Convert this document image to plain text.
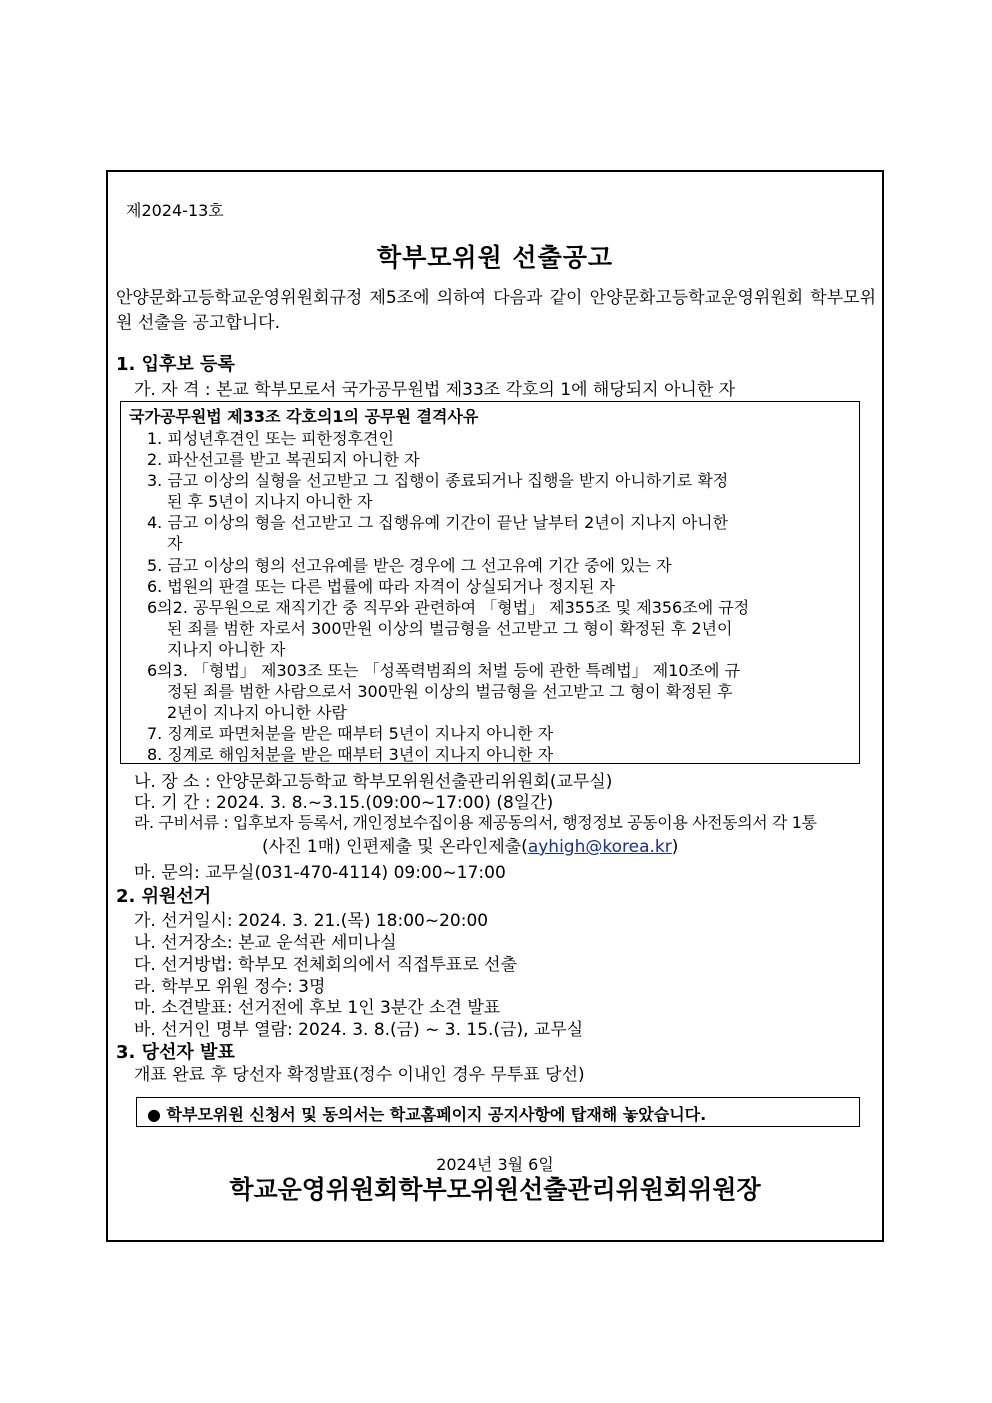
제2024-13호
학부모위원 선출공고
안양문화고등학교운영위원회규정 제5조에 의하여 다음과 같이 안양문화고등학교운영위원회 학부모위원 선출을 공고합니다.
1. 입후보 등록
가. 자 격 : 본교 학부모로서 국가공무원법 제33조 각호의 1에 해당되지 아니한 자
국가공무원법 제33조 각호의1의 공무원 결격사유
1. 피성년후견인 또는 피한정후견인
2. 파산선고를 받고 복권되지 아니한 자
3. 금고 이상의 실형을 선고받고 그 집행이 종료되거나 집행을 받지 아니하기로 확정
된 후 5년이 지나지 아니한 자
4. 금고 이상의 형을 선고받고 그 집행유예 기간이 끝난 날부터 2년이 지나지 아니한
자
5. 금고 이상의 형의 선고유예를 받은 경우에 그 선고유예 기간 중에 있는 자
6. 법원의 판결 또는 다른 법률에 따라 자격이 상실되거나 정지된 자
6의2. 공무원으로 재직기간 중 직무와 관련하여 「형법」 제355조 및 제356조에 규정
된 죄를 범한 자로서 300만원 이상의 벌금형을 선고받고 그 형이 확정된 후 2년이
지나지 아니한 자
6의3. 「형법」 제303조 또는 「성폭력범죄의 처벌 등에 관한 특례법」 제10조에 규
정된 죄를 범한 사람으로서 300만원 이상의 벌금형을 선고받고 그 형이 확정된 후
2년이 지나지 아니한 사람
7. 징계로 파면처분을 받은 때부터 5년이 지나지 아니한 자
8. 징계로 해임처분을 받은 때부터 3년이 지나지 아니한 자
나. 장 소 : 안양문화고등학교 학부모위원선출관리위원회(교무실)
다. 기 간 : 2024. 3. 8.~3.15.(09:00~17:00) (8일간)
라. 구비서류 : 입후보자 등록서, 개인정보수집이용 제공동의서, 행정정보 공동이용 사전동의서 각 1통
(사진 1매) 인편제출 및 온라인제출(ayhigh@korea.kr)
마. 문의: 교무실(031-470-4114) 09:00~17:00
2. 위원선거
가. 선거일시: 2024. 3. 21.(목) 18:00~20:00
나. 선거장소: 본교 운석관 세미나실
다. 선거방법: 학부모 전체회의에서 직접투표로 선출
라. 학부모 위원 정수: 3명
마. 소견발표: 선거전에 후보 1인 3분간 소견 발표
바. 선거인 명부 열람: 2024. 3. 8.(금) ~ 3. 15.(금), 교무실
3. 당선자 발표
개표 완료 후 당선자 확정발표(정수 이내인 경우 무투표 당선)
● 학부모위원 신청서 및 동의서는 학교홈페이지 공지사항에 탑재해 놓았습니다.
2024년 3월 6일
학교운영위원회학부모위원선출관리위원회위원장
